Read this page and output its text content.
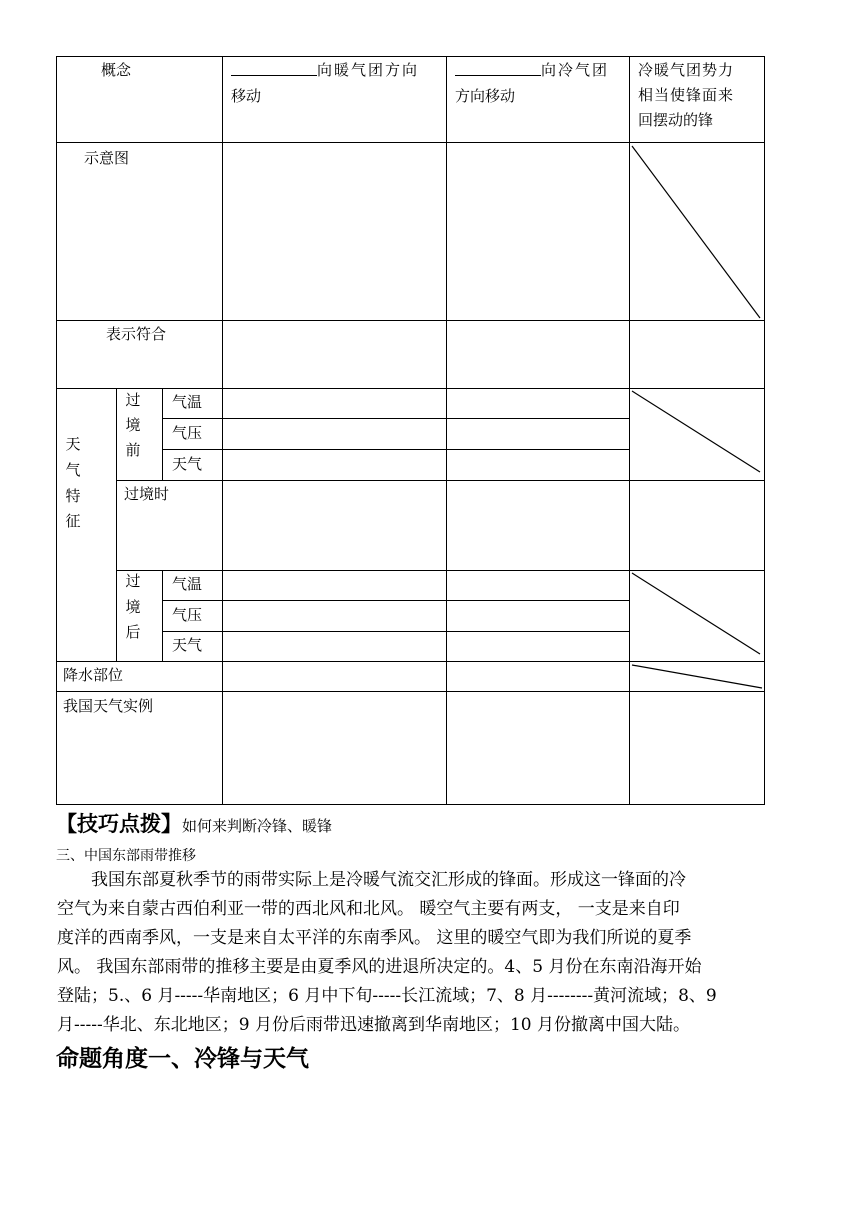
概念	向暖气团方向
移动
向冷气团
方向移动
冷暖气团势力
相当使锋面来
回摆动的锋
示意图
表示符合
天
气
特
征
过
境
前
气温
气压
天气
过境时
过
境
后
气温
气压
天气
降水部位
我国天气实例
【技巧点拨】如何来判断冷锋、暖锋
三、中国东部雨带推移

　　我国东部夏秋季节的雨带实际上是冷暖气流交汇形成的锋面。形成这一锋面的冷

空气为来自蒙古西伯利亚一带的西北风和北风。 暖空气主要有两支， 一支是来自印

度洋的西南季风，一支是来自太平洋的东南季风。 这里的暖空气即为我们所说的夏季

风。 我国东部雨带的推移主要是由夏季风的进退所决定的。4、5 月份在东南沿海开始

登陆；5.、6 月-----华南地区；6 月中下旬-----长江流域；7、8 月--------黄河流域；8、9

月-----华北、东北地区；9 月份后雨带迅速撤离到华南地区；10 月份撤离中国大陆。

命题角度一、冷锋与天气
